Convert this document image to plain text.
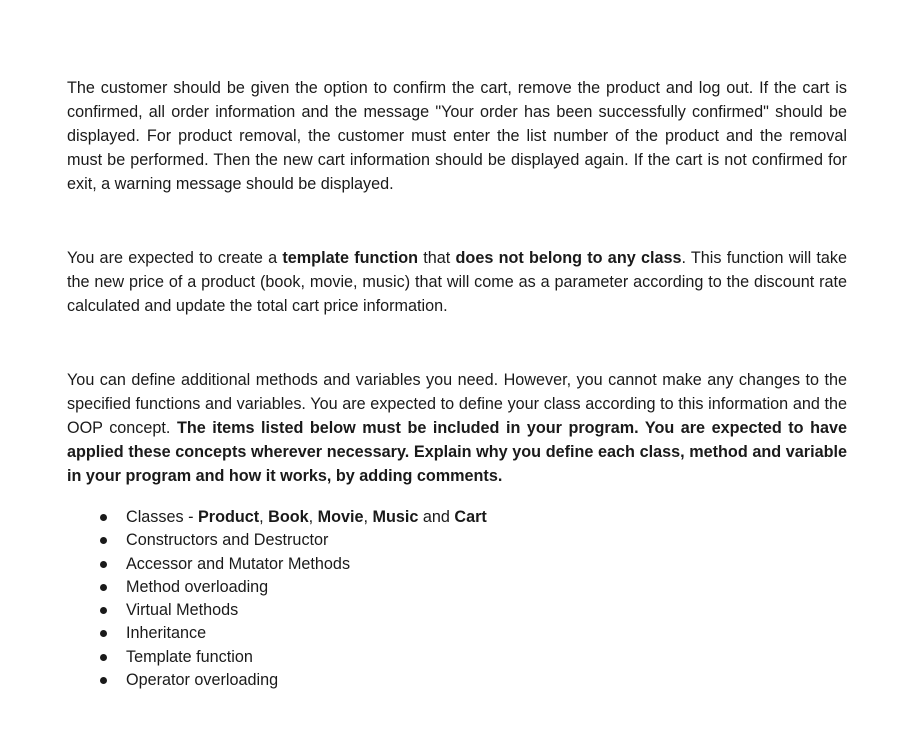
The customer should be given the option to confirm the cart, remove the product and log out. If the cart is confirmed, all order information and the message "Your order has been successfully confirmed" should be displayed. For product removal, the customer must enter the list number of the product and the removal must be performed. Then the new cart information should be displayed again. If the cart is not confirmed for exit, a warning message should be displayed.

You are expected to create a template function that does not belong to any class. This function will take the new price of a product (book, movie, music) that will come as a parameter according to the discount rate calculated and update the total cart price information.

You can define additional methods and variables you need. However, you cannot make any changes to the specified functions and variables. You are expected to define your class according to this information and the OOP concept. The items listed below must be included in your program. You are expected to have applied these concepts wherever necessary. Explain why you define each class, method and variable in your program and how it works, by adding comments.

Classes - Product, Book, Movie, Music and Cart
Constructors and Destructor
Accessor and Mutator Methods
Method overloading
Virtual Methods
Inheritance
Template function
Operator overloading
